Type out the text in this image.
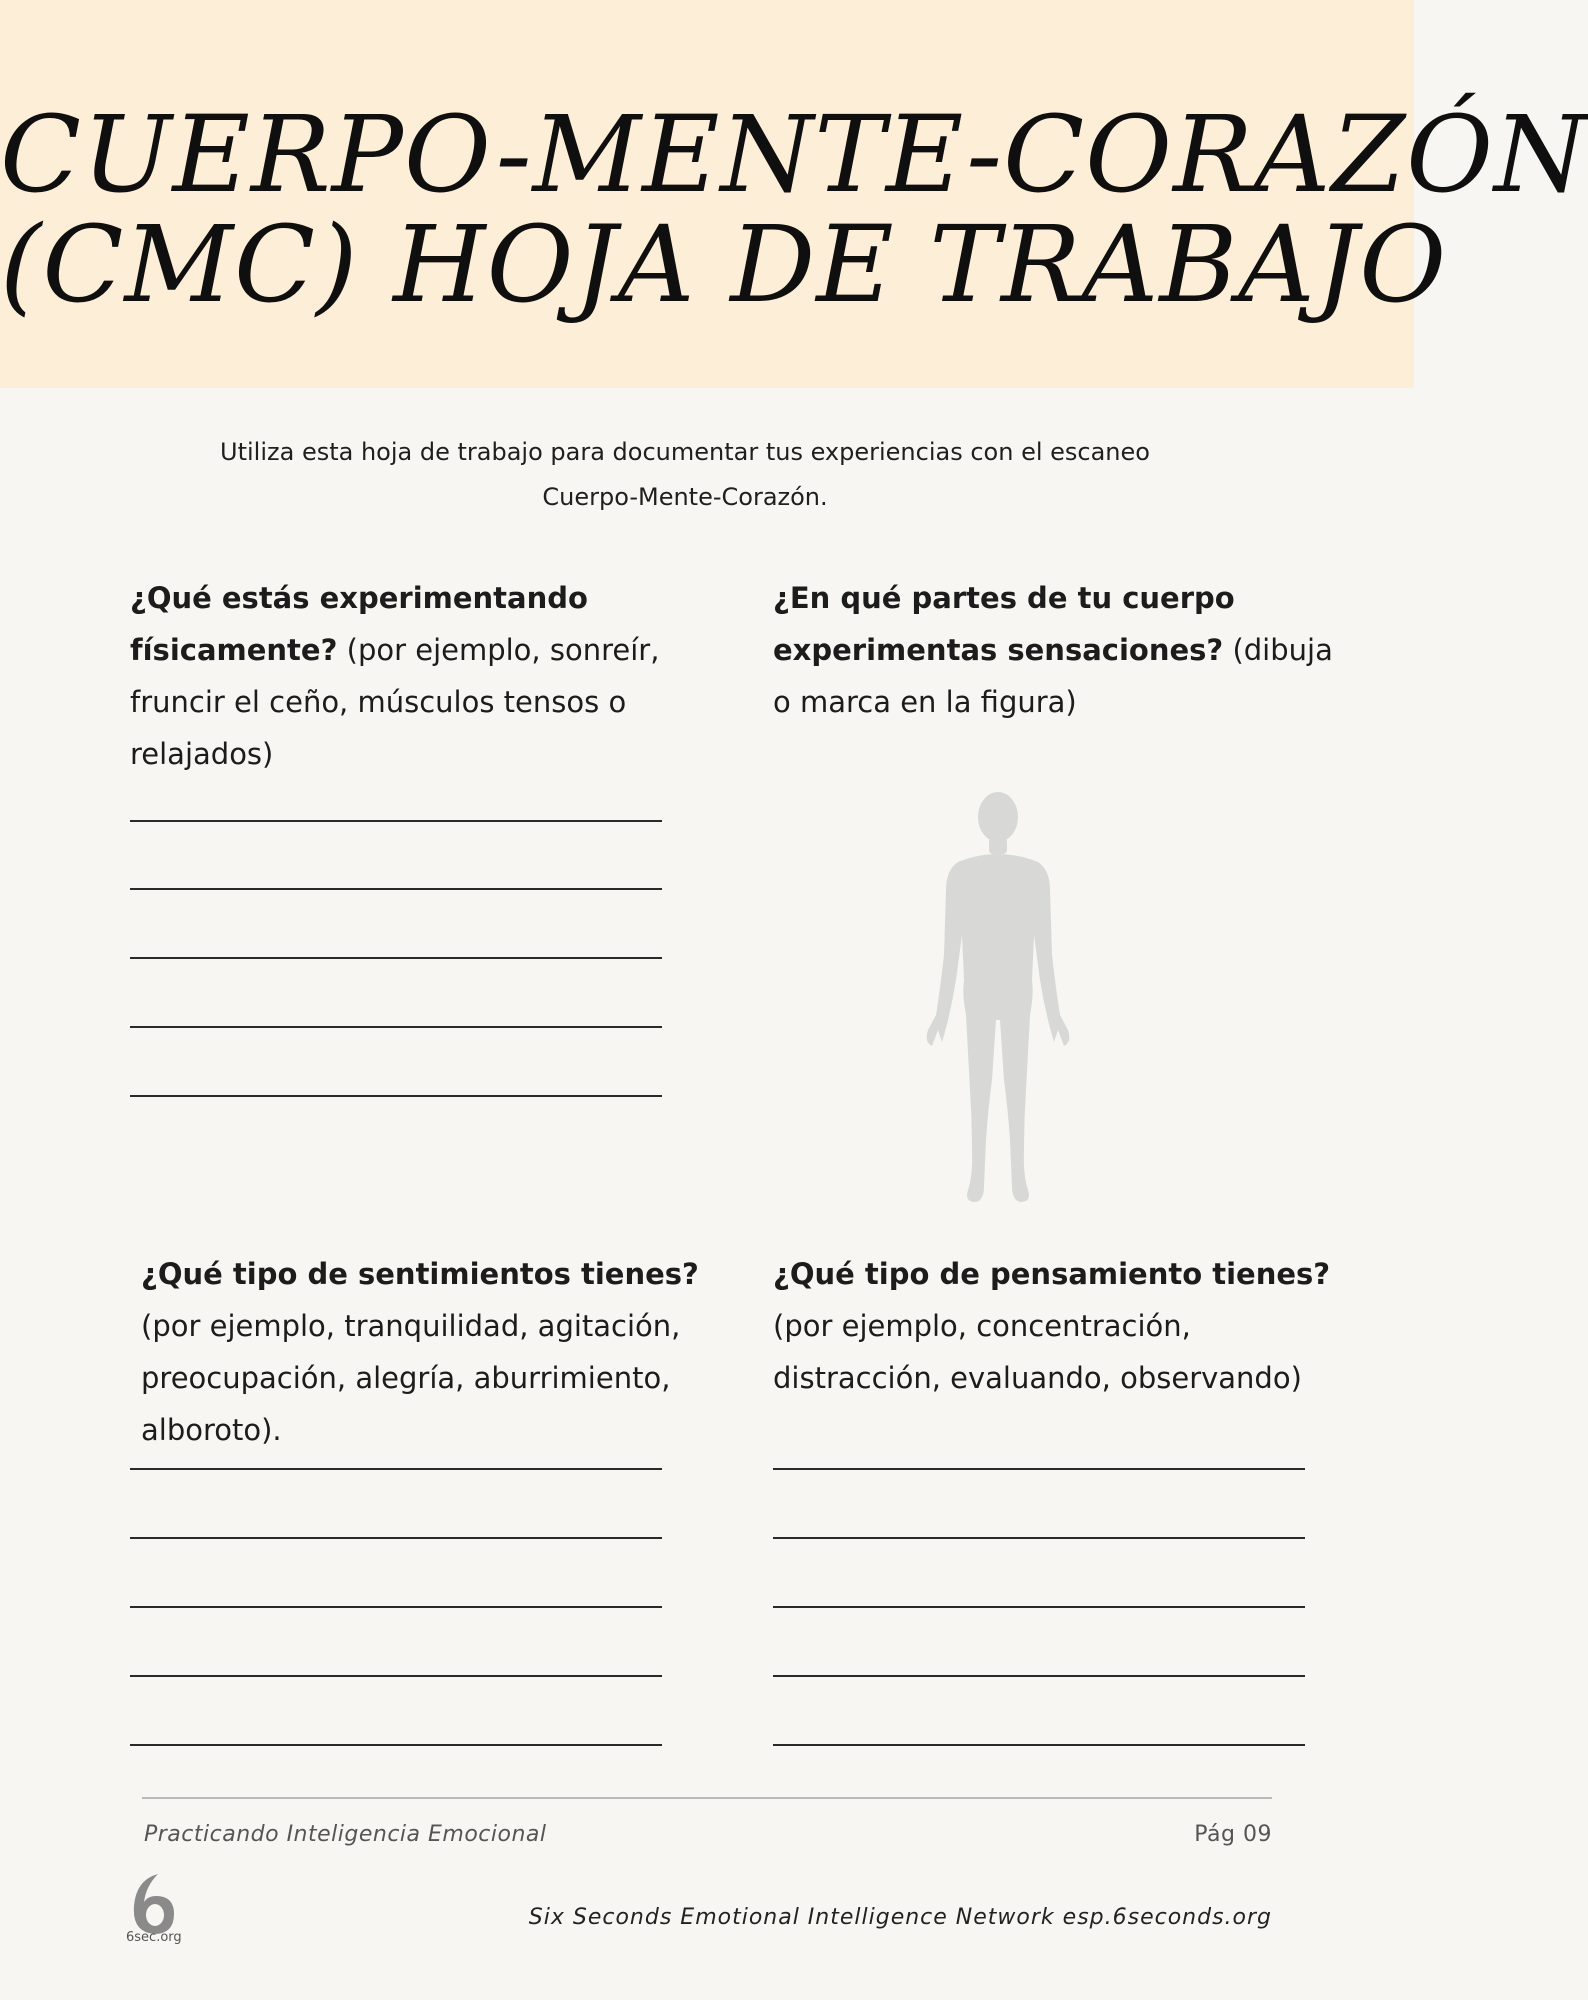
CUERPO-MENTE-CORAZÓN
(CMC) HOJA DE TRABAJO
Utiliza esta hoja de trabajo para documentar tus experiencias con el escaneo
Cuerpo-Mente-Corazón.
¿Qué estás experimentando físicamente? (por ejemplo, sonreír, fruncir el ceño, músculos tensos o relajados)
¿En qué partes de tu cuerpo experimentas sensaciones? (dibuja o marca en la figura)
¿Qué tipo de sentimientos tienes? (por ejemplo, tranquilidad, agitación, preocupación, alegría, aburrimiento, alboroto).
¿Qué tipo de pensamiento tienes? (por ejemplo, concentración, distracción, evaluando, observando)
Practicando Inteligencia Emocional	Pág 09
6sec.org
Six Seconds Emotional Intelligence Network esp.6seconds.org
